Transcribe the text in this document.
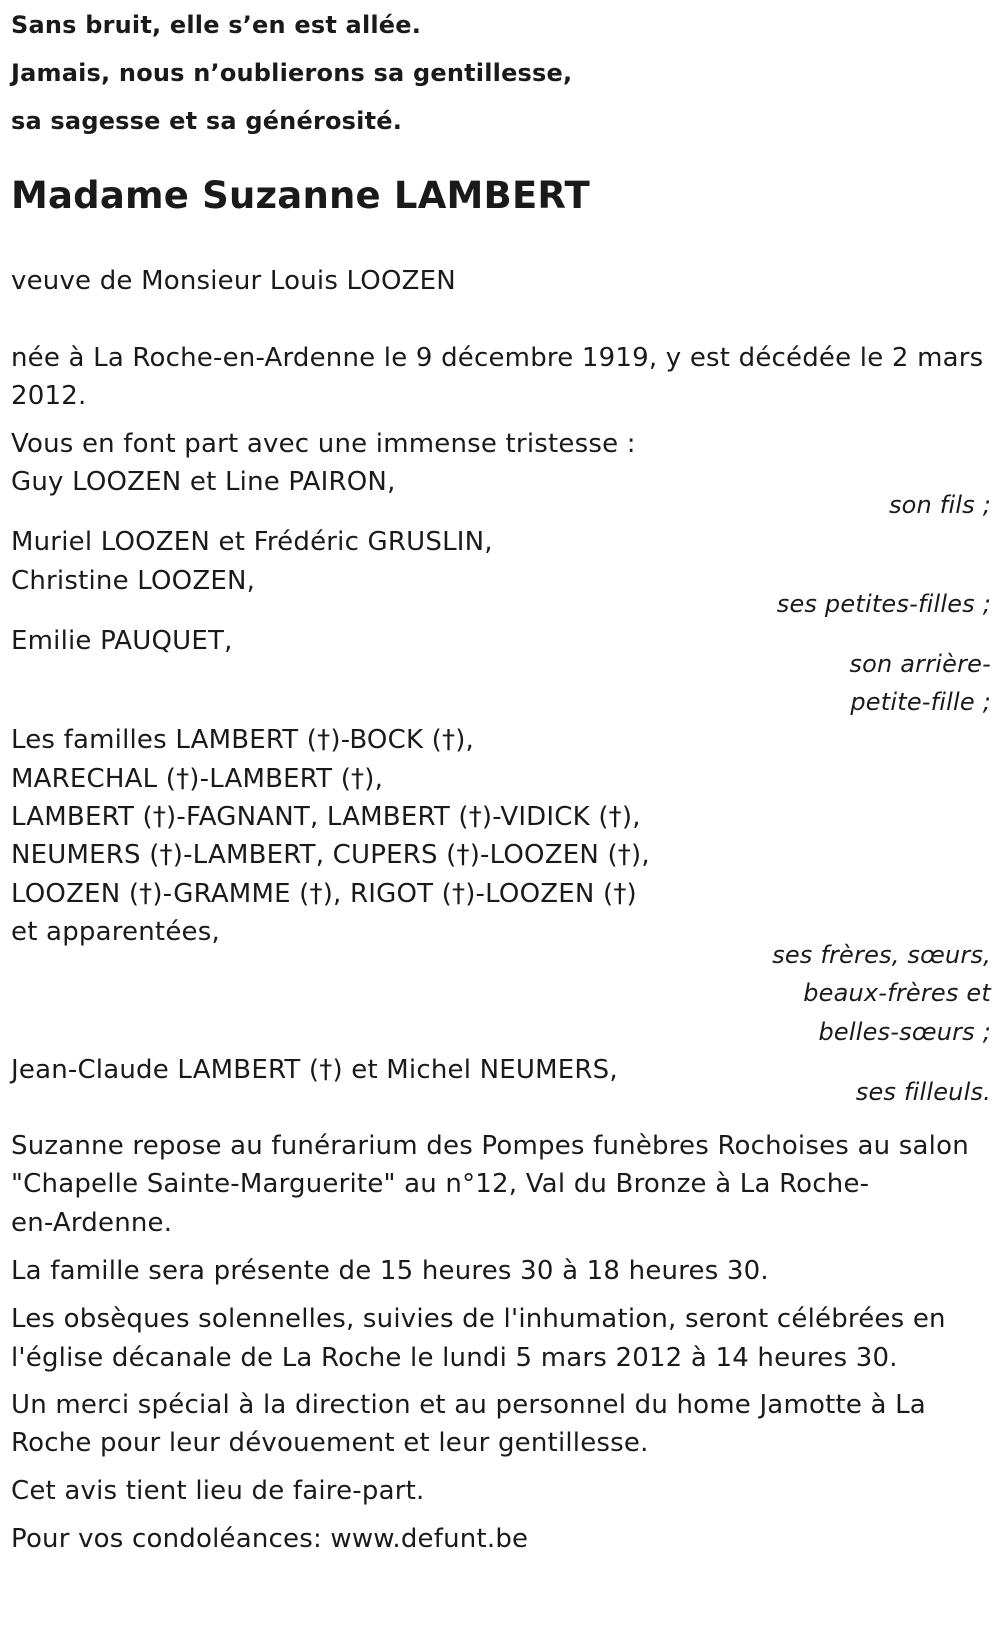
Sans bruit, elle s’en est allée.
Jamais, nous n’oublierons sa gentillesse,
sa sagesse et sa générosité.
Madame Suzanne LAMBERT
veuve de Monsieur Louis LOOZEN
née à La Roche-en-Ardenne le 9 décembre 1919, y est décédée le 2 mars
2012.
Vous en font part avec une immense tristesse :
Guy LOOZEN et Line PAIRON,
son fils ;
Muriel LOOZEN et Frédéric GRUSLIN,
Christine LOOZEN,
ses petites-filles ;
Emilie PAUQUET,
son arrière-
petite-fille ;
Les familles LAMBERT (†)-BOCK (†),
MARECHAL (†)-LAMBERT (†),
LAMBERT (†)-FAGNANT, LAMBERT (†)-VIDICK (†),
NEUMERS (†)-LAMBERT, CUPERS (†)-LOOZEN (†),
LOOZEN (†)-GRAMME (†), RIGOT (†)-LOOZEN (†)
et apparentées,
ses frères, sœurs,
beaux-frères et
belles-sœurs ;
Jean-Claude LAMBERT (†) et Michel NEUMERS,
ses filleuls.
Suzanne repose au funérarium des Pompes funèbres Rochoises au salon
"Chapelle Sainte-Marguerite" au n°12, Val du Bronze à La Roche-
en-Ardenne.
La famille sera présente de 15 heures 30 à 18 heures 30.
Les obsèques solennelles, suivies de l'inhumation, seront célébrées en
l'église décanale de La Roche le lundi 5 mars 2012 à 14 heures 30.
Un merci spécial à la direction et au personnel du home Jamotte à La
Roche pour leur dévouement et leur gentillesse.
Cet avis tient lieu de faire-part.
Pour vos condoléances: www.defunt.be
